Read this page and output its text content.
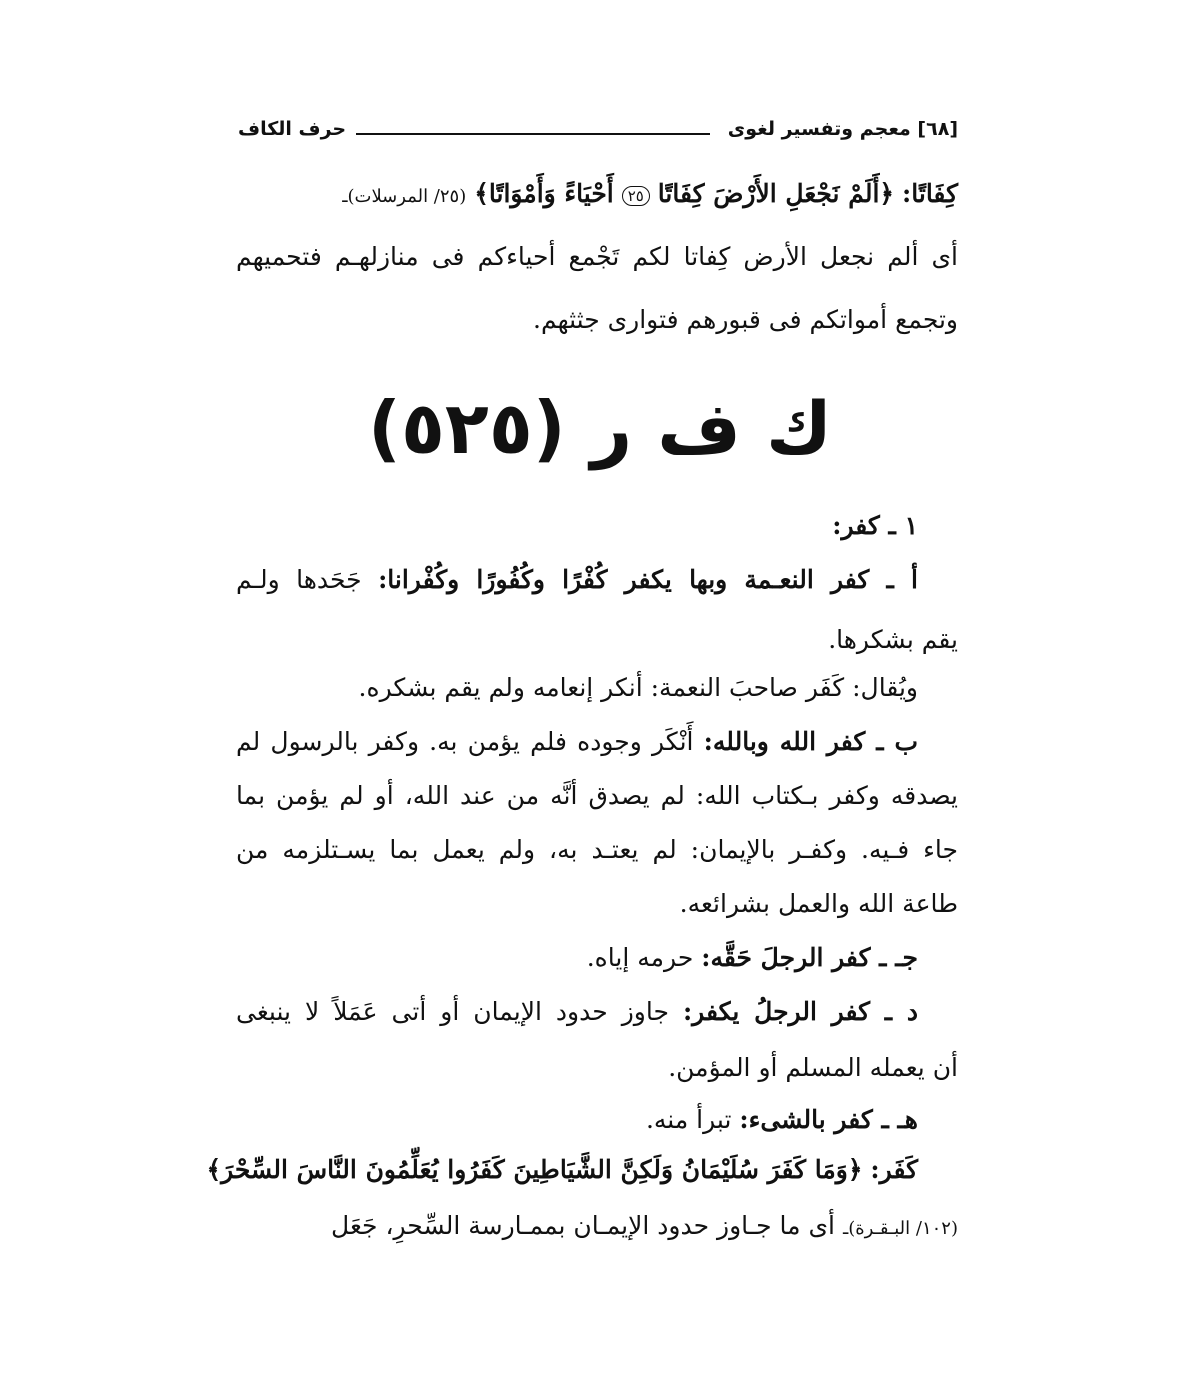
[٦٨] معجم وتفسير لغوى
حرف الكاف
كِفَاتًا: ﴿أَلَمْ نَجْعَلِ الأَرْضَ كِفَاتًا ٢٥ أَحْيَاءً وَأَمْوَاتًا﴾ (٢٥/ المرسلات)ـ
أى ألم نجعل الأرض كِفاتا لكم تَجْمع أحياءكم فى منازلهـم فتحميهم
وتجمع أمواتكم فى قبورهم فتوارى جثثهم.
ك ف ر (٥٢٥)
١ ـ كفر:
أ ـ كفر النعـمة وبها يكفر كُفْرًا وكُفُورًا وكُفْرانا: جَحَدها ولـم
يقم بشكرها.
ويُقال: كَفَر صاحبَ النعمة: أنكر إنعامه ولم يقم بشكره.
ب ـ كفر الله وبالله: أَنْكَر وجوده فلم يؤمن به. وكفر بالرسول لم
يصدقه وكفر بـكتاب الله: لم يصدق أنَّه من عند الله، أو لم يؤمن بما
جاء فـيه. وكفـر بالإيمان: لم يعتـد به، ولم يعمل بما يسـتلزمه من
طاعة الله والعمل بشرائعه.
جـ ـ كفر الرجلَ حَقَّه: حرمه إياه.
د ـ كفر الرجلُ يكفر: جاوز حدود الإيمان أو أتى عَمَلاً لا ينبغى
أن يعمله المسلم أو المؤمن.
هـ ـ كفر بالشىء: تبرأ منه.
كَفَر: ﴿وَمَا كَفَرَ سُلَيْمَانُ وَلَكِنَّ الشَّيَاطِينَ كَفَرُوا يُعَلِّمُونَ النَّاسَ السِّحْرَ﴾
(١٠٢/ البـقـرة)ـ أى ما جـاوز حدود الإيمـان بممـارسة السِّحرِ، جَعَل
